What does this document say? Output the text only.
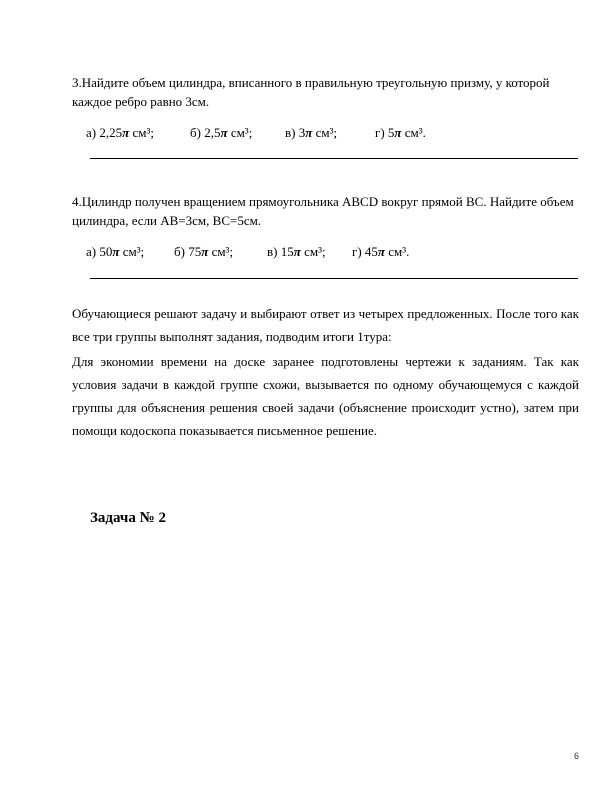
3.Найдите объем цилиндра, вписанного в правильную треугольную призму, у которой каждое ребро равно 3см.

а) 2,25π см³;	б) 2,5π см³;	в) 3π см³;	г) 5π см³.

4.Цилиндр получен вращением прямоугольника ABCD вокруг прямой BC. Найдите объем цилиндра, если AB=3см, BC=5см.

а) 50π см³; б) 75π см³;	в) 15π см³; г) 45π см³.

Обучающиеся решают задачу и выбирают ответ из четырех предложенных. После того как все три группы выполнят задания, подводим итоги 1тура:

Для экономии времени на доске заранее подготовлены чертежи к заданиям. Так как условия задачи в каждой группе схожи, вызывается по одному обучающемуся с каждой группы для объяснения решения своей задачи (объяснение происходит устно), затем при помощи кодоскопа показывается письменное решение.

Задача № 2

6
